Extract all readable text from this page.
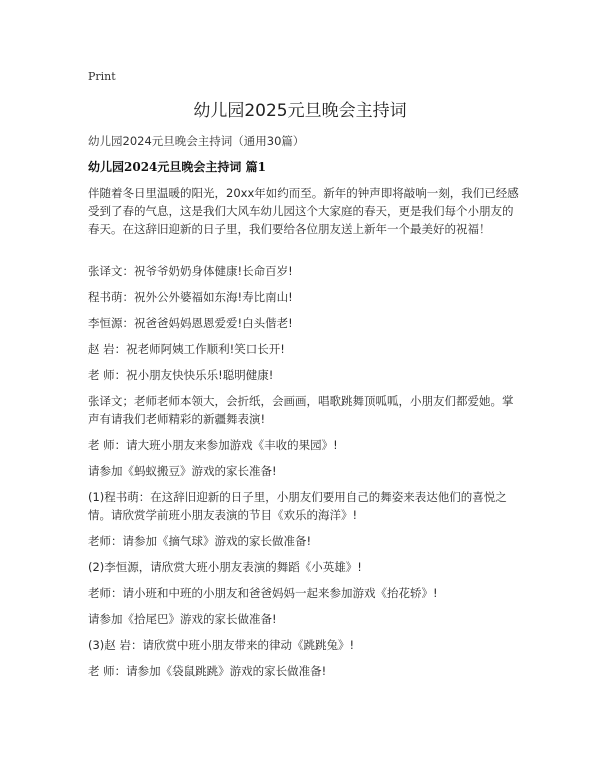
Print
幼儿园2025元旦晚会主持词
幼儿园2024元旦晚会主持词（通用30篇）
幼儿园2024元旦晚会主持词 篇1

伴随着冬日里温暖的阳光，20xx年如约而至。新年的钟声即将敲响一刻，我们已经感受到了春的气息，这是我们大风车幼儿园这个大家庭的春天，更是我们每个小朋友的春天。在这辞旧迎新的日子里，我们要给各位朋友送上新年一个最美好的祝福！

张译文：祝爷爷奶奶身体健康!长命百岁!

程书萌：祝外公外婆福如东海!寿比南山!

李恒源：祝爸爸妈妈恩恩爱爱!白头偕老!

赵 岩：祝老师阿姨工作顺利!笑口长开!

老 师：祝小朋友快快乐乐!聪明健康!

张译文；老师老师本领大，会折纸，会画画，唱歌跳舞顶呱呱，小朋友们都爱她。掌声有请我们老师精彩的新疆舞表演!

老 师：请大班小朋友来参加游戏《丰收的果园》!

请参加《蚂蚁搬豆》游戏的家长准备!

(1)程书萌：在这辞旧迎新的日子里，小朋友们要用自己的舞姿来表达他们的喜悦之情。请欣赏学前班小朋友表演的节目《欢乐的海洋》!

老师：请参加《摘气球》游戏的家长做准备!

(2)李恒源，请欣赏大班小朋友表演的舞蹈《小英雄》!

老师：请小班和中班的小朋友和爸爸妈妈一起来参加游戏《抬花轿》!

请参加《拾尾巴》游戏的家长做准备!

(3)赵 岩：请欣赏中班小朋友带来的律动《跳跳兔》!

老 师：请参加《袋鼠跳跳》游戏的家长做准备!
